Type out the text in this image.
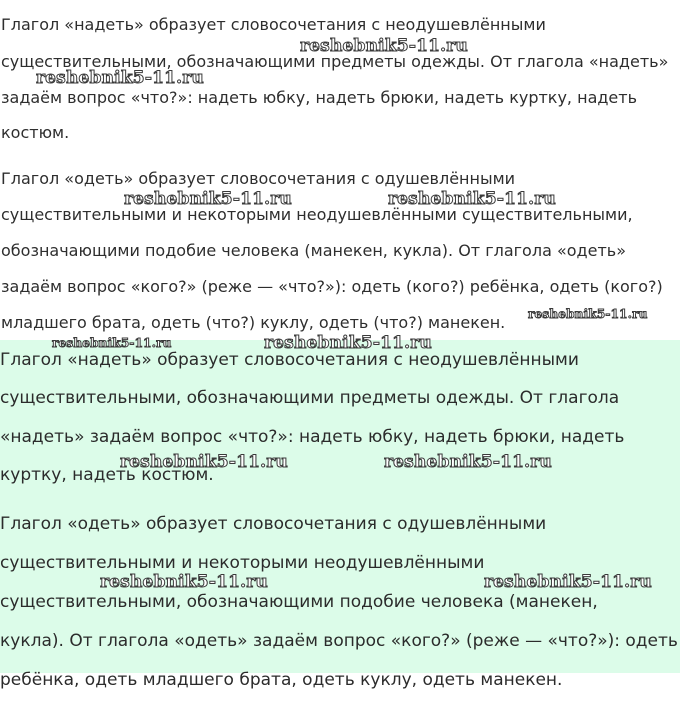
Глагол «надеть» образует словосочетания с неодушевлёнными
существительными, обозначающими предметы одежды. От глагола «надеть»
задаём вопрос «что?»: надеть юбку, надеть брюки, надеть куртку, надеть
костюм.
Глагол «одеть» образует словосочетания с одушевлёнными
существительными и некоторыми неодушевлёнными существительными,
обозначающими подобие человека (манекен, кукла). От глагола «одеть»
задаём вопрос «кого?» (реже — «что?»): одеть (кого?) ребёнка, одеть (кого?)
младшего брата, одеть (что?) куклу, одеть (что?) манекен.
Глагол «надеть» образует словосочетания с неодушевлёнными
существительными, обозначающими предметы одежды. От глагола
«надеть» задаём вопрос «что?»: надеть юбку, надеть брюки, надеть
куртку, надеть костюм.
Глагол «одеть» образует словосочетания с одушевлёнными
существительными и некоторыми неодушевлёнными
существительными, обозначающими подобие человека (манекен,
кукла). От глагола «одеть» задаём вопрос «кого?» (реже — «что?»): одеть
ребёнка, одеть младшего брата, одеть куклу, одеть манекен.
reshebnik5-11.ru
reshebnik5-11.ru
reshebnik5-11.ru	reshebnik5-11.ru
reshebnik5-11.ru
reshebnik5-11.ru	reshebnik5-11.ru
reshebnik5-11.ru	reshebnik5-11.ru
reshebnik5-11.ru	reshebnik5-11.ru
